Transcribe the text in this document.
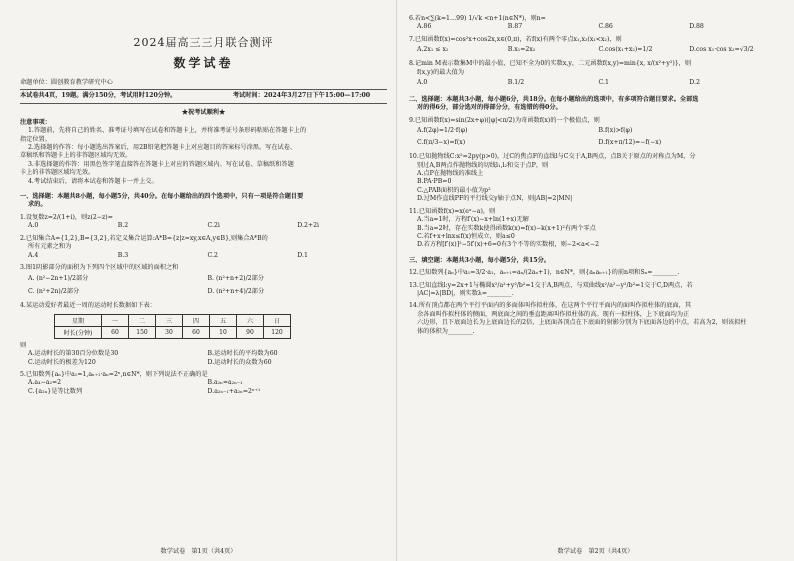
2024届高三三月联合测评
数学试卷
命题单位：圆创教育教学研究中心
本试卷共4页，19题。满分150分，考试用时120分钟。	考试时间：2024年3月27日下午15:00—17:00
★祝考试顺利★
注意事项：
1.答题前，先将自己的姓名、准考证号填写在试卷和答题卡上，并将准考证号条形码粘贴在答题卡上的
指定位置。
2.选择题的作答：每小题选出答案后，用2B铅笔把答题卡上对应题目的答案标号涂黑。写在试卷、
草稿纸和答题卡上的非答题区域均无效。
3.非选择题的作答：用黑色签字笔直接答在答题卡上对应的答题区域内。写在试卷、草稿纸和答题
卡上的非答题区域均无效。
4.考试结束后，请将本试卷和答题卡一并上交。
一、选择题：本题共8小题，每小题5分，共40分。在每小题给出的四个选项中，只有一项是符合题目要
求的。
1.设复数z=2/(1+i)，则z(2−z)=
A.0	B.2	C.2i	D.2+2i
2.已知集合A={1,2},B={3,2},若定义集合运算:A*B={z|z=xy,x∈A,y∈B},则集合A*B的
所有元素之和为
A.4	B.3	C.2	D.1
3.图1阴影部分的面积为下列四个区域中的区域的面积之和
A. (n²−2n+1)/2部分	B. (n²+n+2)/2部分
C. (n²+2n)/2部分	D. (n²+n+4)/2部分
4.某运动爱好者最近一周的运动时长数据如下表：
星期	一	二	三	四	五	六	日
时长(分钟)	60	150	30	60	10	90	120
则
A.运动时长的第30百分位数是30	B.运动时长的平均数为60
C.运动时长的极差为120	D.运动时长的众数为60
5.已知数列{aₙ}中a₁=1,aₙ₊₁·aₙ=2ⁿ,n∈N*，则下列说法不正确的是
A.a₄−a₂=2	B.a₂ₙ=a₂ₙ₋₁
C.{a₂ₙ}是等比数列	D.a₂ₙ₋₁+a₂ₙ=2ⁿ⁺¹
数学试卷　第1页（共4页）
6.若n<∑(k=1…99) 1/√k <n+1(n∈N*)，则n=
A.86	B.87	C.86	D.88
7.已知函数f(x)=cos²x+cos2x,x∈(0,π)，若f(x)有两个零点x₁,x₂(x₁<x₂)，则
A.2x₁ ≤ x₂	B.x₁=2x₂	C.cos(x₁+x₂)=1/2	D.cos x₁·cos x₂=√3/2
8.记min M表示数集M中的最小值，已知不全为0的实数x,y，二元函数f(x,y)=min{x, x/(x²+y²)}，则
f(x,y)的最大值为
A.0	B.1/2	C.1	D.2
二、选择题：本题共3小题，每小题6分，共18分。在每小题给出的选项中，有多项符合题目要求。全部选
对的得6分，部分选对的得部分分，有选错的得0分。
9.已知函数f(x)=sin(2x+φ)(|φ|<π/2)为奇函数f(x)的一个极值点，则
A.f(2φ)=1/2·f(φ)	B.f(x)>f(φ)
C.f(π/3−x)=f(x)	D.f(x+π/12)=−f(−x)
10.已知抛物线C:x²=2py(p>0)，过C的焦点F的直线l与C交于A,B两点，点B关于原点的对称点为M，分
别过A,B两点作抛物线的切线l₁,l₂和交于点P，则
A.点P在抛物线的准线上
B.PA·PB=0
C.△PAB面积的最小值为p²
D.过M作直线PF的平行线交y轴于点N，则|AB|=2|MN|
11.已知函数f(x)=x(eˣ−a)，则
A.当a=1时，方程f′(x)−x+ln(1+x)无解
B.当a=2时，存在实数k使得函数k(x)=f(x)−k(x+1)²有两个零点
C.若f+x+lnx≤f(x)恒成立，则a≤0
D.若方程[f′(x)]²−5f′(x)+6=0有3个不等的实数根，则−2<a<−2
三、填空题：本题共3小题，每小题5分，共15分。
12.已知数列{aₙ}中a₁=3/2·a₁，aₙ₊₁=aₙ/(2aₙ+1)，n∈N*，则{aₙaₙ₊₁}的前n项和Sₙ=________.
13.已知直线l:y=2x+1与椭圆x²/a²+y²/b²=1交于A,B两点，与双曲线x²/a²−y²/b²=1交于C,D两点，若
|AC|=λ|BD|，则实数λ=________.
14.所有顶点都在两个平行平面内的多面体叫作拟柱体，在这两个平行平面内的面叫作拟柱体的底面，其
余各面叫作拟柱体的侧面，两底面之间的垂直距离叫作拟柱体的高。现有一拟柱体，上下底面均为正
六边形，且下底面边长为上底面边长的2倍，上底面各顶点在下底面的射影分别为下底面各边的中点，若高为2，则该拟柱
体的体积为________.
数学试卷　第2页（共4页）
